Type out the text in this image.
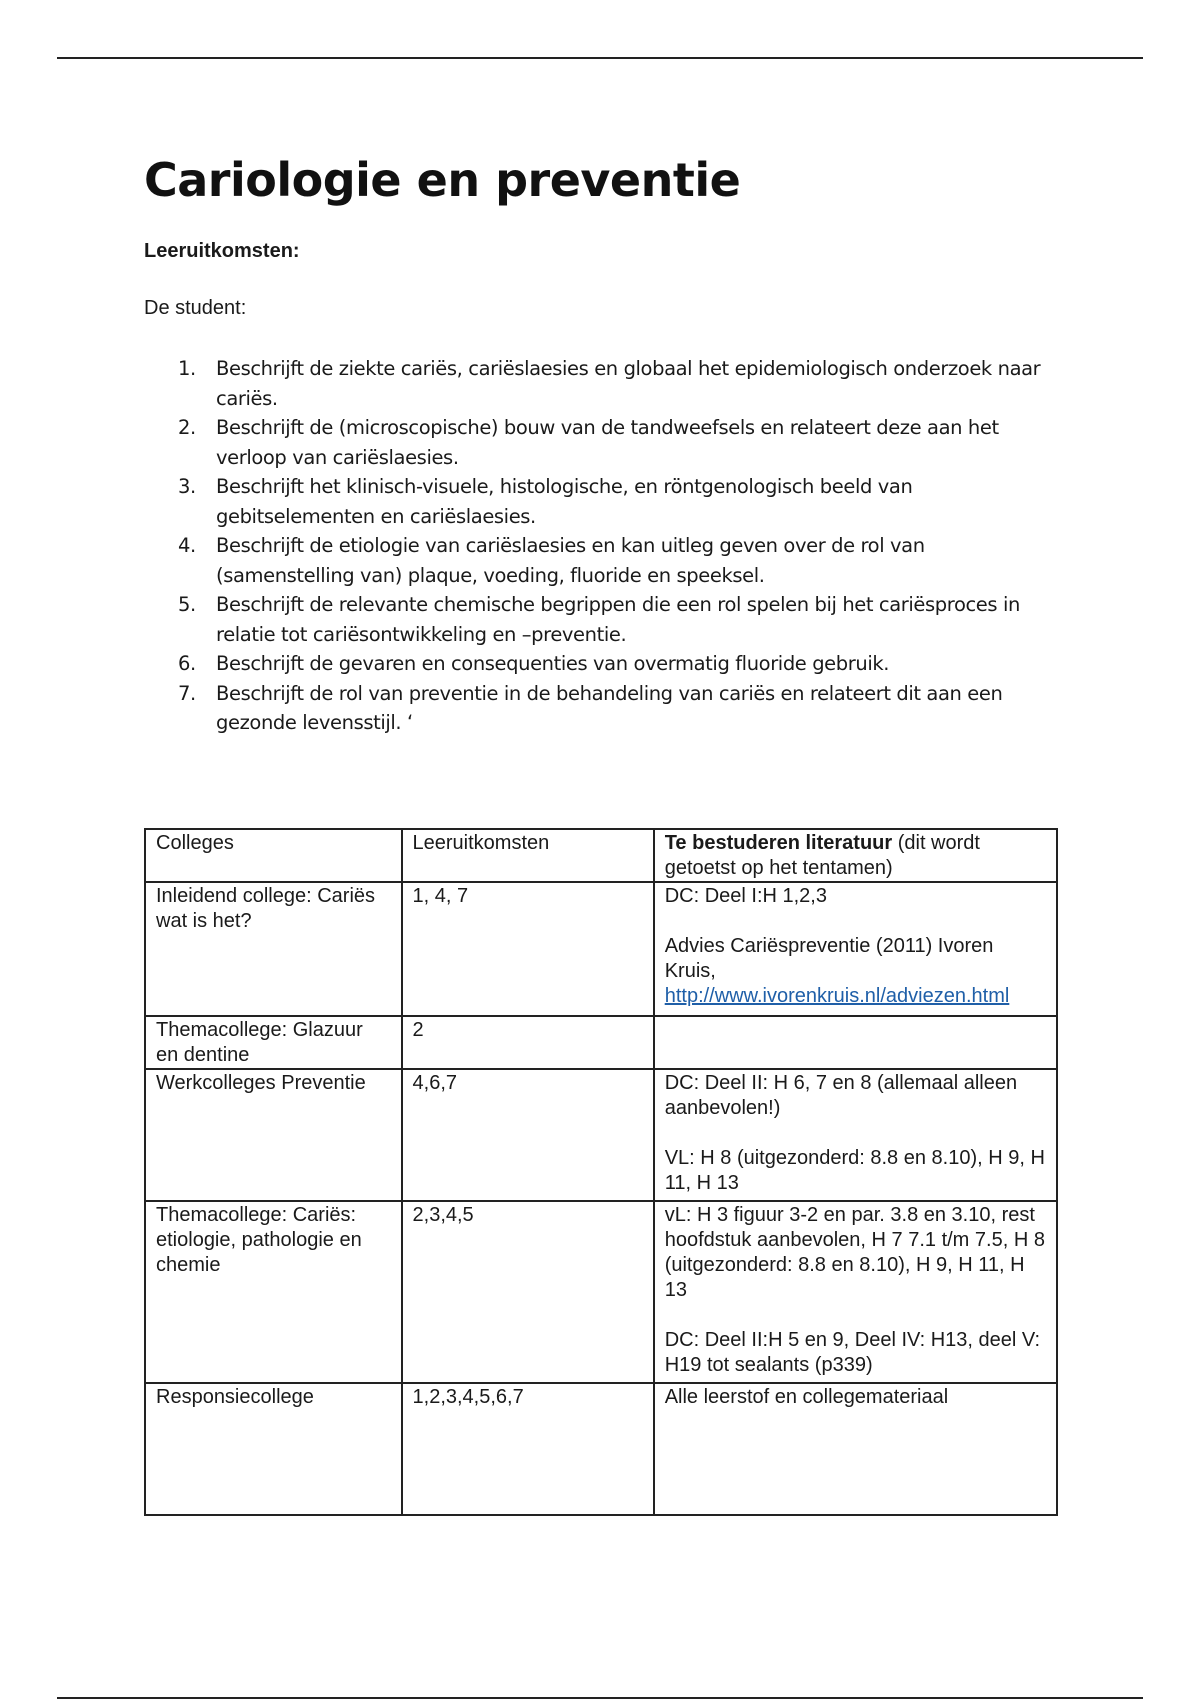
Cariologie en preventie
Leeruitkomsten:
De student:
1.	Beschrijft de ziekte cariës, cariëslaesies en globaal het epidemiologisch onderzoek naar cariës.
2.	Beschrijft de (microscopische) bouw van de tandweefsels en relateert deze aan het verloop van cariëslaesies.
3.	Beschrijft het klinisch-visuele, histologische, en röntgenologisch beeld van gebitselementen en cariëslaesies.
4.	Beschrijft de etiologie van cariëslaesies en kan uitleg geven over de rol van (samenstelling van) plaque, voeding, fluoride en speeksel.
5.	Beschrijft de relevante chemische begrippen die een rol spelen bij het cariësproces in relatie tot cariësontwikkeling en –preventie.
6.	Beschrijft de gevaren en consequenties van overmatig fluoride gebruik.
7.	Beschrijft de rol van preventie in de behandeling van cariës en relateert dit aan een gezonde levensstijl. ‘
Colleges	Leeruitkomsten	Te bestuderen literatuur (dit wordt getoetst op het tentamen)
Inleidend college: Cariës wat is het?	1, 4, 7	DC: Deel I:H 1,2,3
Advies Cariëspreventie (2011) Ivoren Kruis,
http://www.ivorenkruis.nl/adviezen.html
Themacollege: Glazuur en dentine	2	
Werkcolleges Preventie	4,6,7	DC: Deel II: H 6, 7 en 8 (allemaal alleen aanbevolen!)
VL: H 8 (uitgezonderd: 8.8 en 8.10), H 9, H 11, H 13
Themacollege: Cariës: etiologie, pathologie en chemie	2,3,4,5	vL: H 3 figuur 3-2 en par. 3.8 en 3.10, rest hoofdstuk aanbevolen, H 7 7.1 t/m 7.5, H 8 (uitgezonderd: 8.8 en 8.10), H 9, H 11, H 13
DC: Deel II:H 5 en 9, Deel IV: H13, deel V: H19 tot sealants (p339)
Responsiecollege	1,2,3,4,5,6,7	Alle leerstof en collegemateriaal
